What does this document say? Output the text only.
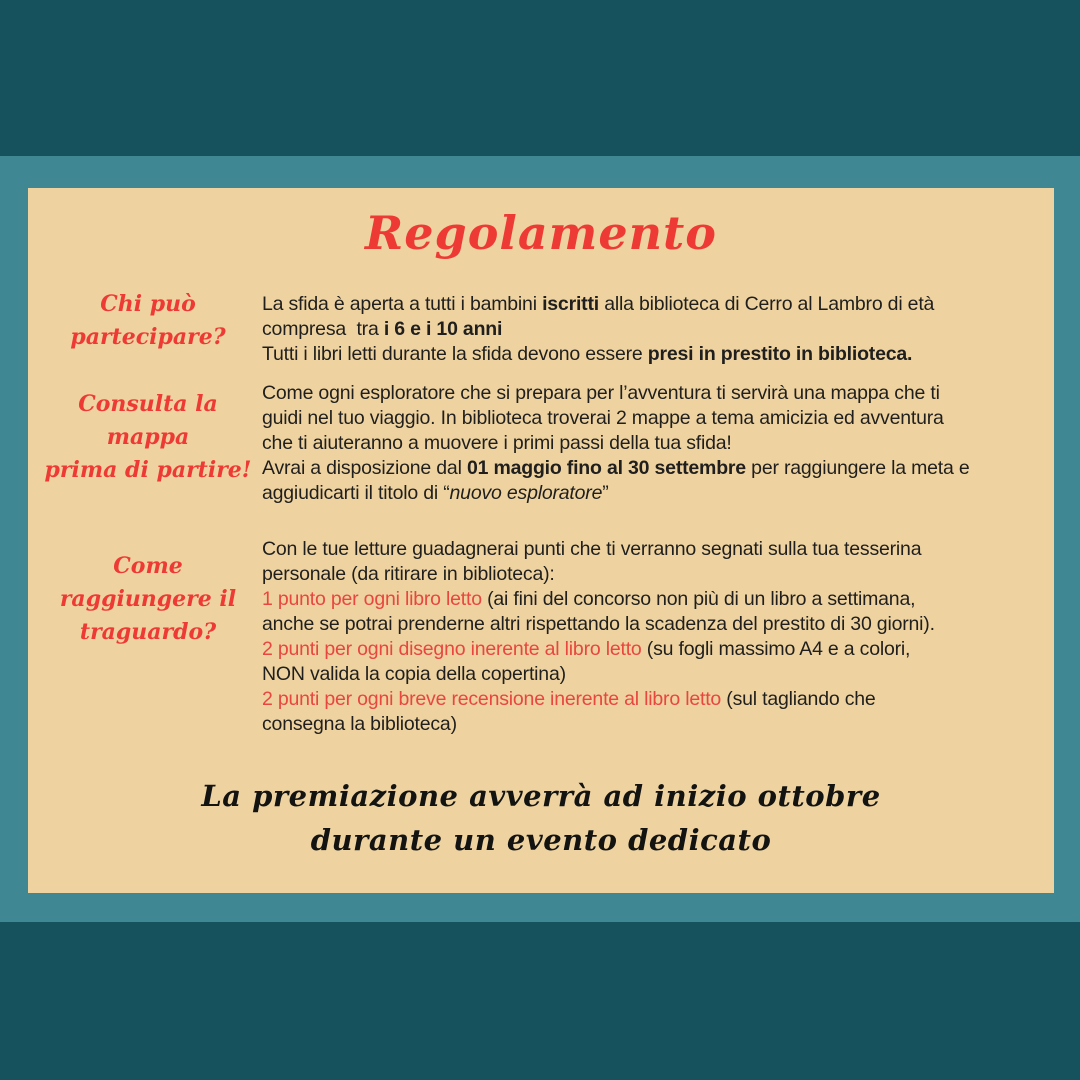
Regolamento
Chi può partecipare?
La sfida è aperta a tutti i bambini iscritti alla biblioteca di Cerro al Lambro di età
compresa  tra i 6 e i 10 anni
Tutti i libri letti durante la sfida devono essere presi in prestito in biblioteca.
Consulta la mappa
prima di partire!
Come ogni esploratore che si prepara per l’avventura ti servirà una mappa che ti
guidi nel tuo viaggio. In biblioteca troverai 2 mappe a tema amicizia ed avventura
che ti aiuteranno a muovere i primi passi della tua sfida!
Avrai a disposizione dal 01 maggio fino al 30 settembre per raggiungere la meta e
aggiudicarti il titolo di “nuovo esploratore”
Come raggiungere il
traguardo?
Con le tue letture guadagnerai punti che ti verranno segnati sulla tua tesserina
personale (da ritirare in biblioteca):
1 punto per ogni libro letto (ai fini del concorso non più di un libro a settimana,
anche se potrai prenderne altri rispettando la scadenza del prestito di 30 giorni).
2 punti per ogni disegno inerente al libro letto (su fogli massimo A4 e a colori,
NON valida la copia della copertina)
2 punti per ogni breve recensione inerente al libro letto (sul tagliando che
consegna la biblioteca)
La premiazione avverrà ad inizio ottobre
durante un evento dedicato
